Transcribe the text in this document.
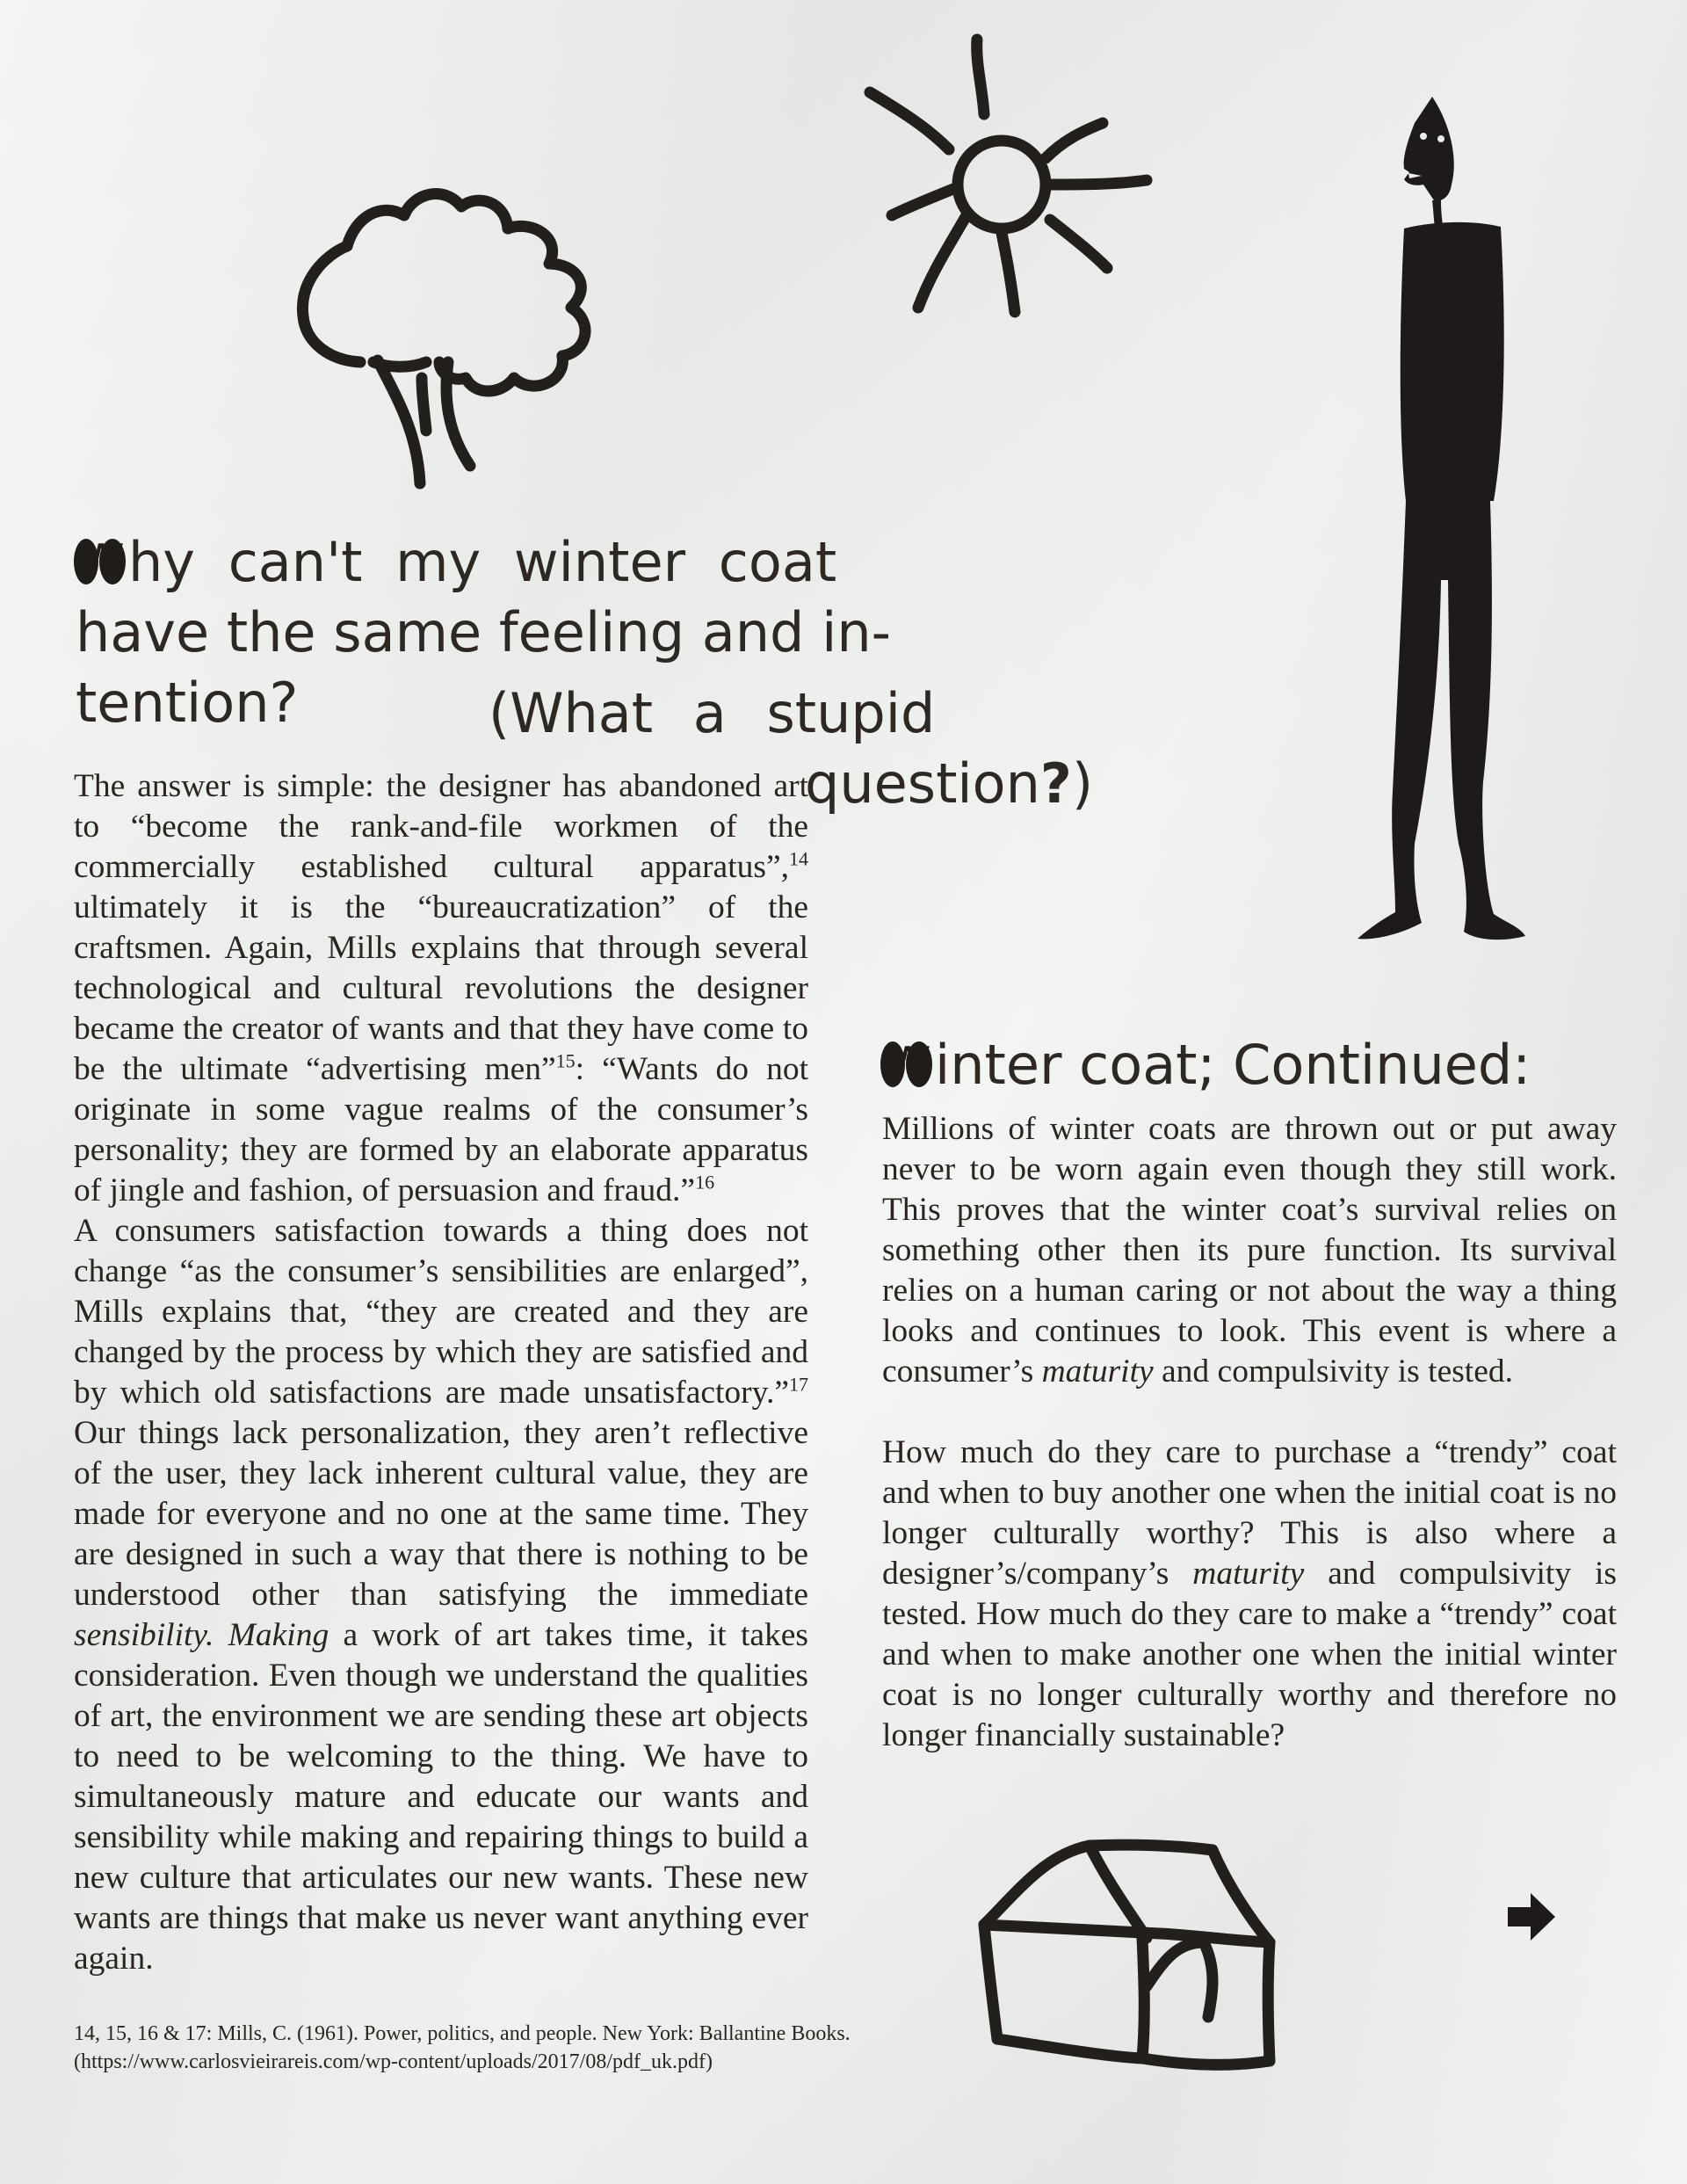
W hy can't my winter coat
have the same feeling and in-
tention?	(What a stupid
question?)

The answer is simple: the designer has abandoned art to “become the rank-and-file workmen of the commercially established cultural apparatus”,$^{14}$ ultimately it is the “bureaucratization” of the craftsmen. Again, Mills explains that through several technological and cultural revolutions the designer became the creator of wants and that they have come to be the ultimate “advertising men”$^{15}$: “Wants do not originate in some vague realms of the consumer’s personality; they are formed by an elaborate apparatus of jingle and fashion, of persuasion and fraud.”$^{16}$

A consumers satisfaction towards a thing does not change “as the consumer’s sensibilities are enlarged”, Mills explains that, “they are created and they are changed by the process by which they are satisfied and by which old satisfactions are made unsatisfactory.”$^{17}$ Our things lack personalization, they aren’t reflective of the user, they lack inherent cultural value, they are made for everyone and no one at the same time. They are designed in such a way that there is nothing to be understood other than satisfying the immediate sensibility. Making a work of art takes time, it takes consideration. Even though we understand the qualities of art, the environment we are sending these art objects to need to be welcoming to the thing. We have to simultaneously mature and educate our wants and sensibility while making and repairing things to build a new culture that articulates our new wants. These new wants are things that make us never want anything ever again.

14, 15, 16 & 17: Mills, C. (1961). Power, politics, and people. New York: Ballantine Books.
(https://www.carlosvieirareis.com/wp-content/uploads/2017/08/pdf_uk.pdf)
W inter coat; Continued:

Millions of winter coats are thrown out or put away never to be worn again even though they still work. This proves that the winter coat’s survival relies on something other then its pure function. Its survival relies on a human caring or not about the way a thing looks and continues to look. This event is where a consumer’s maturity and compulsivity is tested.

How much do they care to purchase a “trendy” coat and when to buy another one when the initial coat is no longer culturally worthy? This is also where a designer’s/company’s maturity and compulsivity is tested. How much do they care to make a “trendy” coat and when to make another one when the initial winter coat is no longer culturally worthy and therefore no longer financially sustainable?
